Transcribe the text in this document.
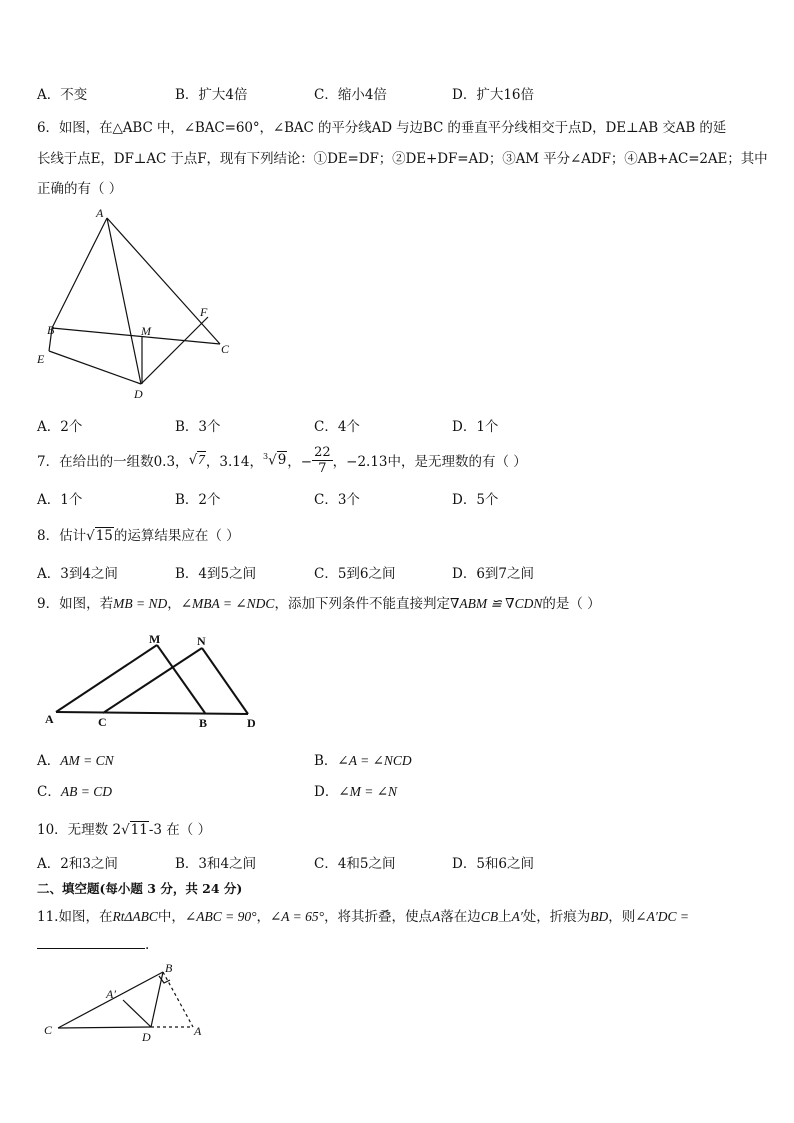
A．不变	B．扩大4倍	C．缩小4倍	D．扩大16倍
6．如图，在△ABC 中，∠BAC=60°，∠BAC 的平分线AD 与边BC 的垂直平分线相交于点D，DE⊥AB 交AB 的延
长线于点E，DF⊥AC 于点F，现有下列结论：①DE=DF；②DE+DF=AD；③AM 平分∠ADF；④AB+AC=2AE；其中
正确的有（ ）
A
B	M
F
C
E
D
A．2个	B．3个	C．4个	D．1个
7．在给出的一组数0.3， √7 ，3.14， $^3$√9 ，− $\frac{22}{7}$ ，−2.13中，是无理数的有（ ）
A．1个	B．2个	C．3个	D．5个
8．估计√15的运算结果应在（ ）
A．3到4之间	B．4到5之间	C．5到6之间	D．6到7之间
9．如图，若MB = ND，∠MBA = ∠NDC，添加下列条件不能直接判定∇ABM ≌ ∇CDN的是（ ）
M	N
A	C	B	D
A．AM = CN	B．∠A = ∠NCD
C．AB = CD	D．∠M = ∠N
10．无理数 2√11-3 在（ ）
A．2和3之间	B．3和4之间	C．4和5之间	D．5和6之间
二、填空题(每小题 3 分，共 24 分)
11.如图，在RtΔABC中，∠ABC = 90°，∠A = 65°，将其折叠，使点A落在边CB上A′处，折痕为BD，则∠A′DC =
.
B
A′
C	D	A
